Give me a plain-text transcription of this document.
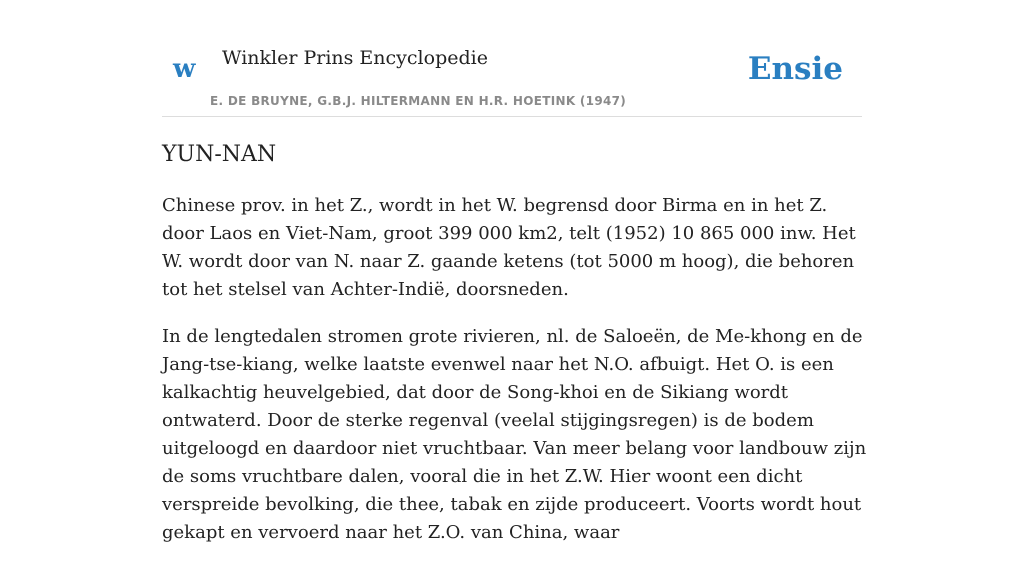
w Winkler Prins Encyclopedie
E. DE BRUYNE, G.B.J. HILTERMANN EN H.R. HOETINK (1947)
Ensie
YUN-NAN

Chinese prov. in het Z., wordt in het W. begrensd door Birma en in het Z. door Laos en Viet-Nam, groot 399 000 km2, telt (1952) 10 865 000 inw. Het W. wordt door van N. naar Z. gaande ketens (tot 5000 m hoog), die behoren tot het stelsel van Achter-Indië, doorsneden.

In de lengtedalen stromen grote rivieren, nl. de Saloeën, de Me-khong en de Jang-tse-kiang, welke laatste evenwel naar het N.O. afbuigt. Het O. is een kalkachtig heuvelgebied, dat door de Song-khoi en de Sikiang wordt ontwaterd. Door de sterke regenval (veelal stijgingsregen) is de bodem uitgeloogd en daardoor niet vruchtbaar. Van meer belang voor landbouw zijn de soms vruchtbare dalen, vooral die in het Z.W. Hier woont een dicht verspreide bevolking, die thee, tabak en zijde produceert. Voorts wordt hout gekapt en vervoerd naar het Z.O. van China, waar
